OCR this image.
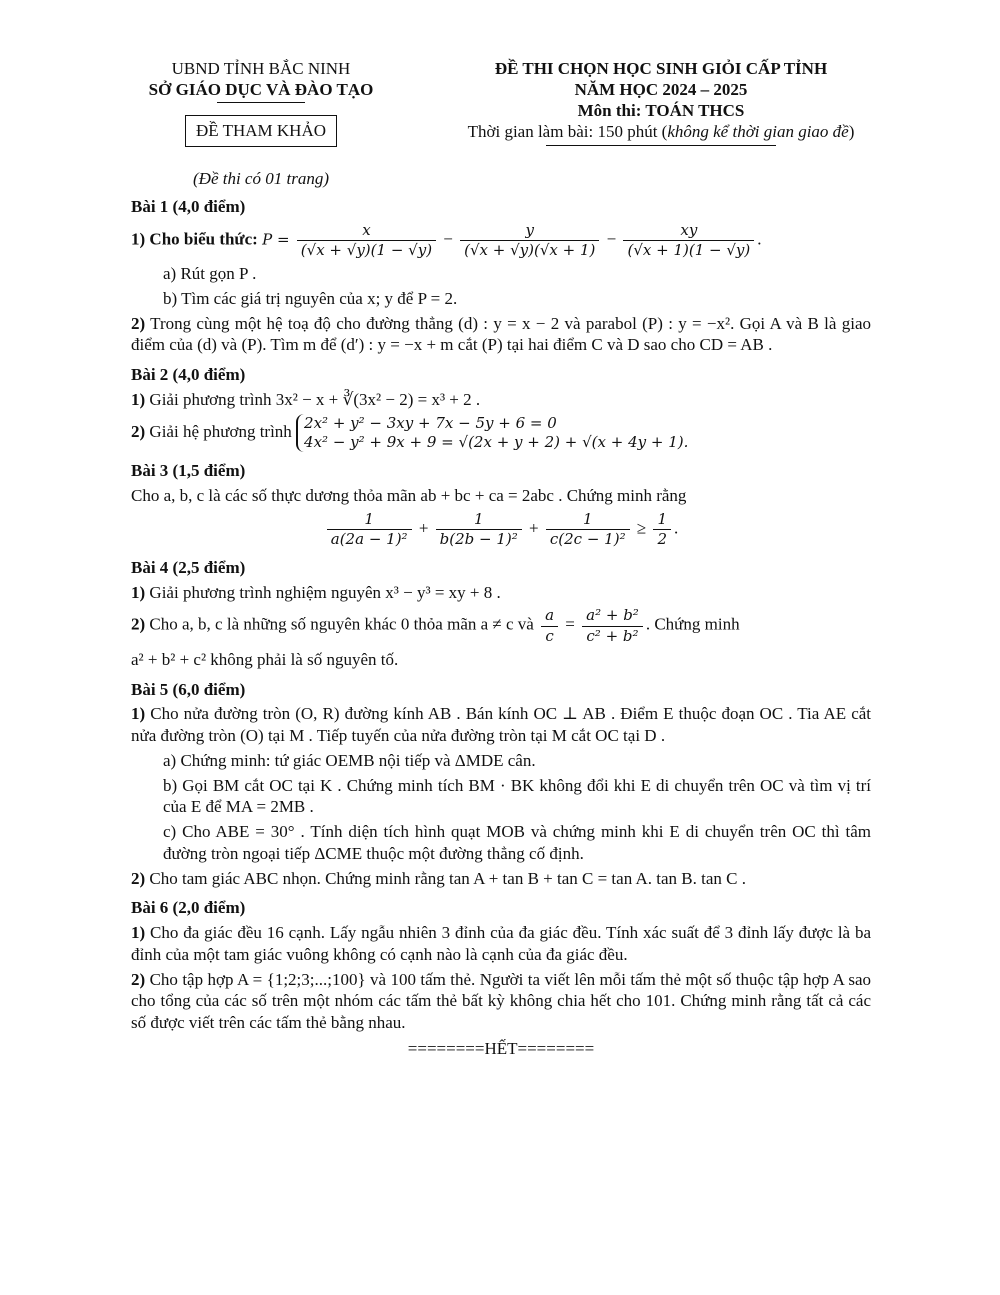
UBND TỈNH BẮC NINH
SỞ GIÁO DỤC VÀ ĐÀO TẠO
ĐỀ THAM KHẢO
ĐỀ THI CHỌN HỌC SINH GIỎI CẤP TỈNH
NĂM HỌC 2024 – 2025
Môn thi: TOÁN THCS
Thời gian làm bài: 150 phút (không kể thời gian giao đề)
(Đề thi có 01 trang)
Bài 1 (4,0 điểm)

1) Cho biểu thức: $P = \frac{x}{(√x + √y)(1 - √y)} - \frac{y}{(√x + √y)(√x + 1)} - \frac{xy}{(√x + 1)(1 - √y)}$ .

a) Rút gọn P .

b) Tìm các giá trị nguyên của x; y để P = 2.

2) Trong cùng một hệ toạ độ cho đường thẳng (d) : y = x − 2 và parabol (P) : y = −x². Gọi A và B là giao điểm của (d) và (P). Tìm m để (d′) : y = −x + m cắt (P) tại hai điểm C và D sao cho CD = AB .

Bài 2 (4,0 điểm)

1) Giải phương trình 3x² − x + ∛(3x² − 2) = x³ + 2 .

2) Giải hệ phương trình 2x² + y² − 3xy + 7x − 5y + 6 = 0
4x² − y² + 9x + 9 = √(2x + y + 2) + √(x + 4y + 1).

Bài 3 (1,5 điểm)

Cho a, b, c là các số thực dương thỏa mãn ab + bc + ca = 2abc . Chứng minh rằng

$\frac{1}{\text{a(2a − 1)²}} + \frac{1}{\text{b(2b − 1)²}} + \frac{1}{\text{c(2c − 1)²}} \ge \frac{1}{2}$ .
Bài 4 (2,5 điểm)

1) Giải phương trình nghiệm nguyên x³ − y³ = xy + 8 .

2) Cho a, b, c là những số nguyên khác 0 thỏa mãn a ≠ c và $\frac{a}{c} = \frac{\text{a² + b²}}{\text{c² + b²}}$ . Chứng minh

a² + b² + c² không phải là số nguyên tố.

Bài 5 (6,0 điểm)

1) Cho nửa đường tròn (O, R) đường kính AB . Bán kính OC ⊥ AB . Điểm E thuộc đoạn OC . Tia AE cắt nửa đường tròn (O) tại M . Tiếp tuyến của nửa đường tròn tại M cắt OC tại D .

a) Chứng minh: tứ giác OEMB nội tiếp và ΔMDE cân.

b) Gọi BM cắt OC tại K . Chứng minh tích BM · BK không đổi khi E di chuyển trên OC và tìm vị trí của E để MA = 2MB .

c) Cho ABE = 30° . Tính diện tích hình quạt MOB và chứng minh khi E di chuyển trên OC thì tâm đường tròn ngoại tiếp ΔCME thuộc một đường thẳng cố định.

2) Cho tam giác ABC nhọn. Chứng minh rằng tan A + tan B + tan C = tan A. tan B. tan C .

Bài 6 (2,0 điểm)

1) Cho đa giác đều 16 cạnh. Lấy ngẫu nhiên 3 đỉnh của đa giác đều. Tính xác suất để 3 đỉnh lấy được là ba đỉnh của một tam giác vuông không có cạnh nào là cạnh của đa giác đều.

2) Cho tập hợp A = {1;2;3;...;100} và 100 tấm thẻ. Người ta viết lên mỗi tấm thẻ một số thuộc tập hợp A sao cho tổng của các số trên một nhóm các tấm thẻ bất kỳ không chia hết cho 101. Chứng minh rằng tất cả các số được viết trên các tấm thẻ bằng nhau.

========HẾT========
